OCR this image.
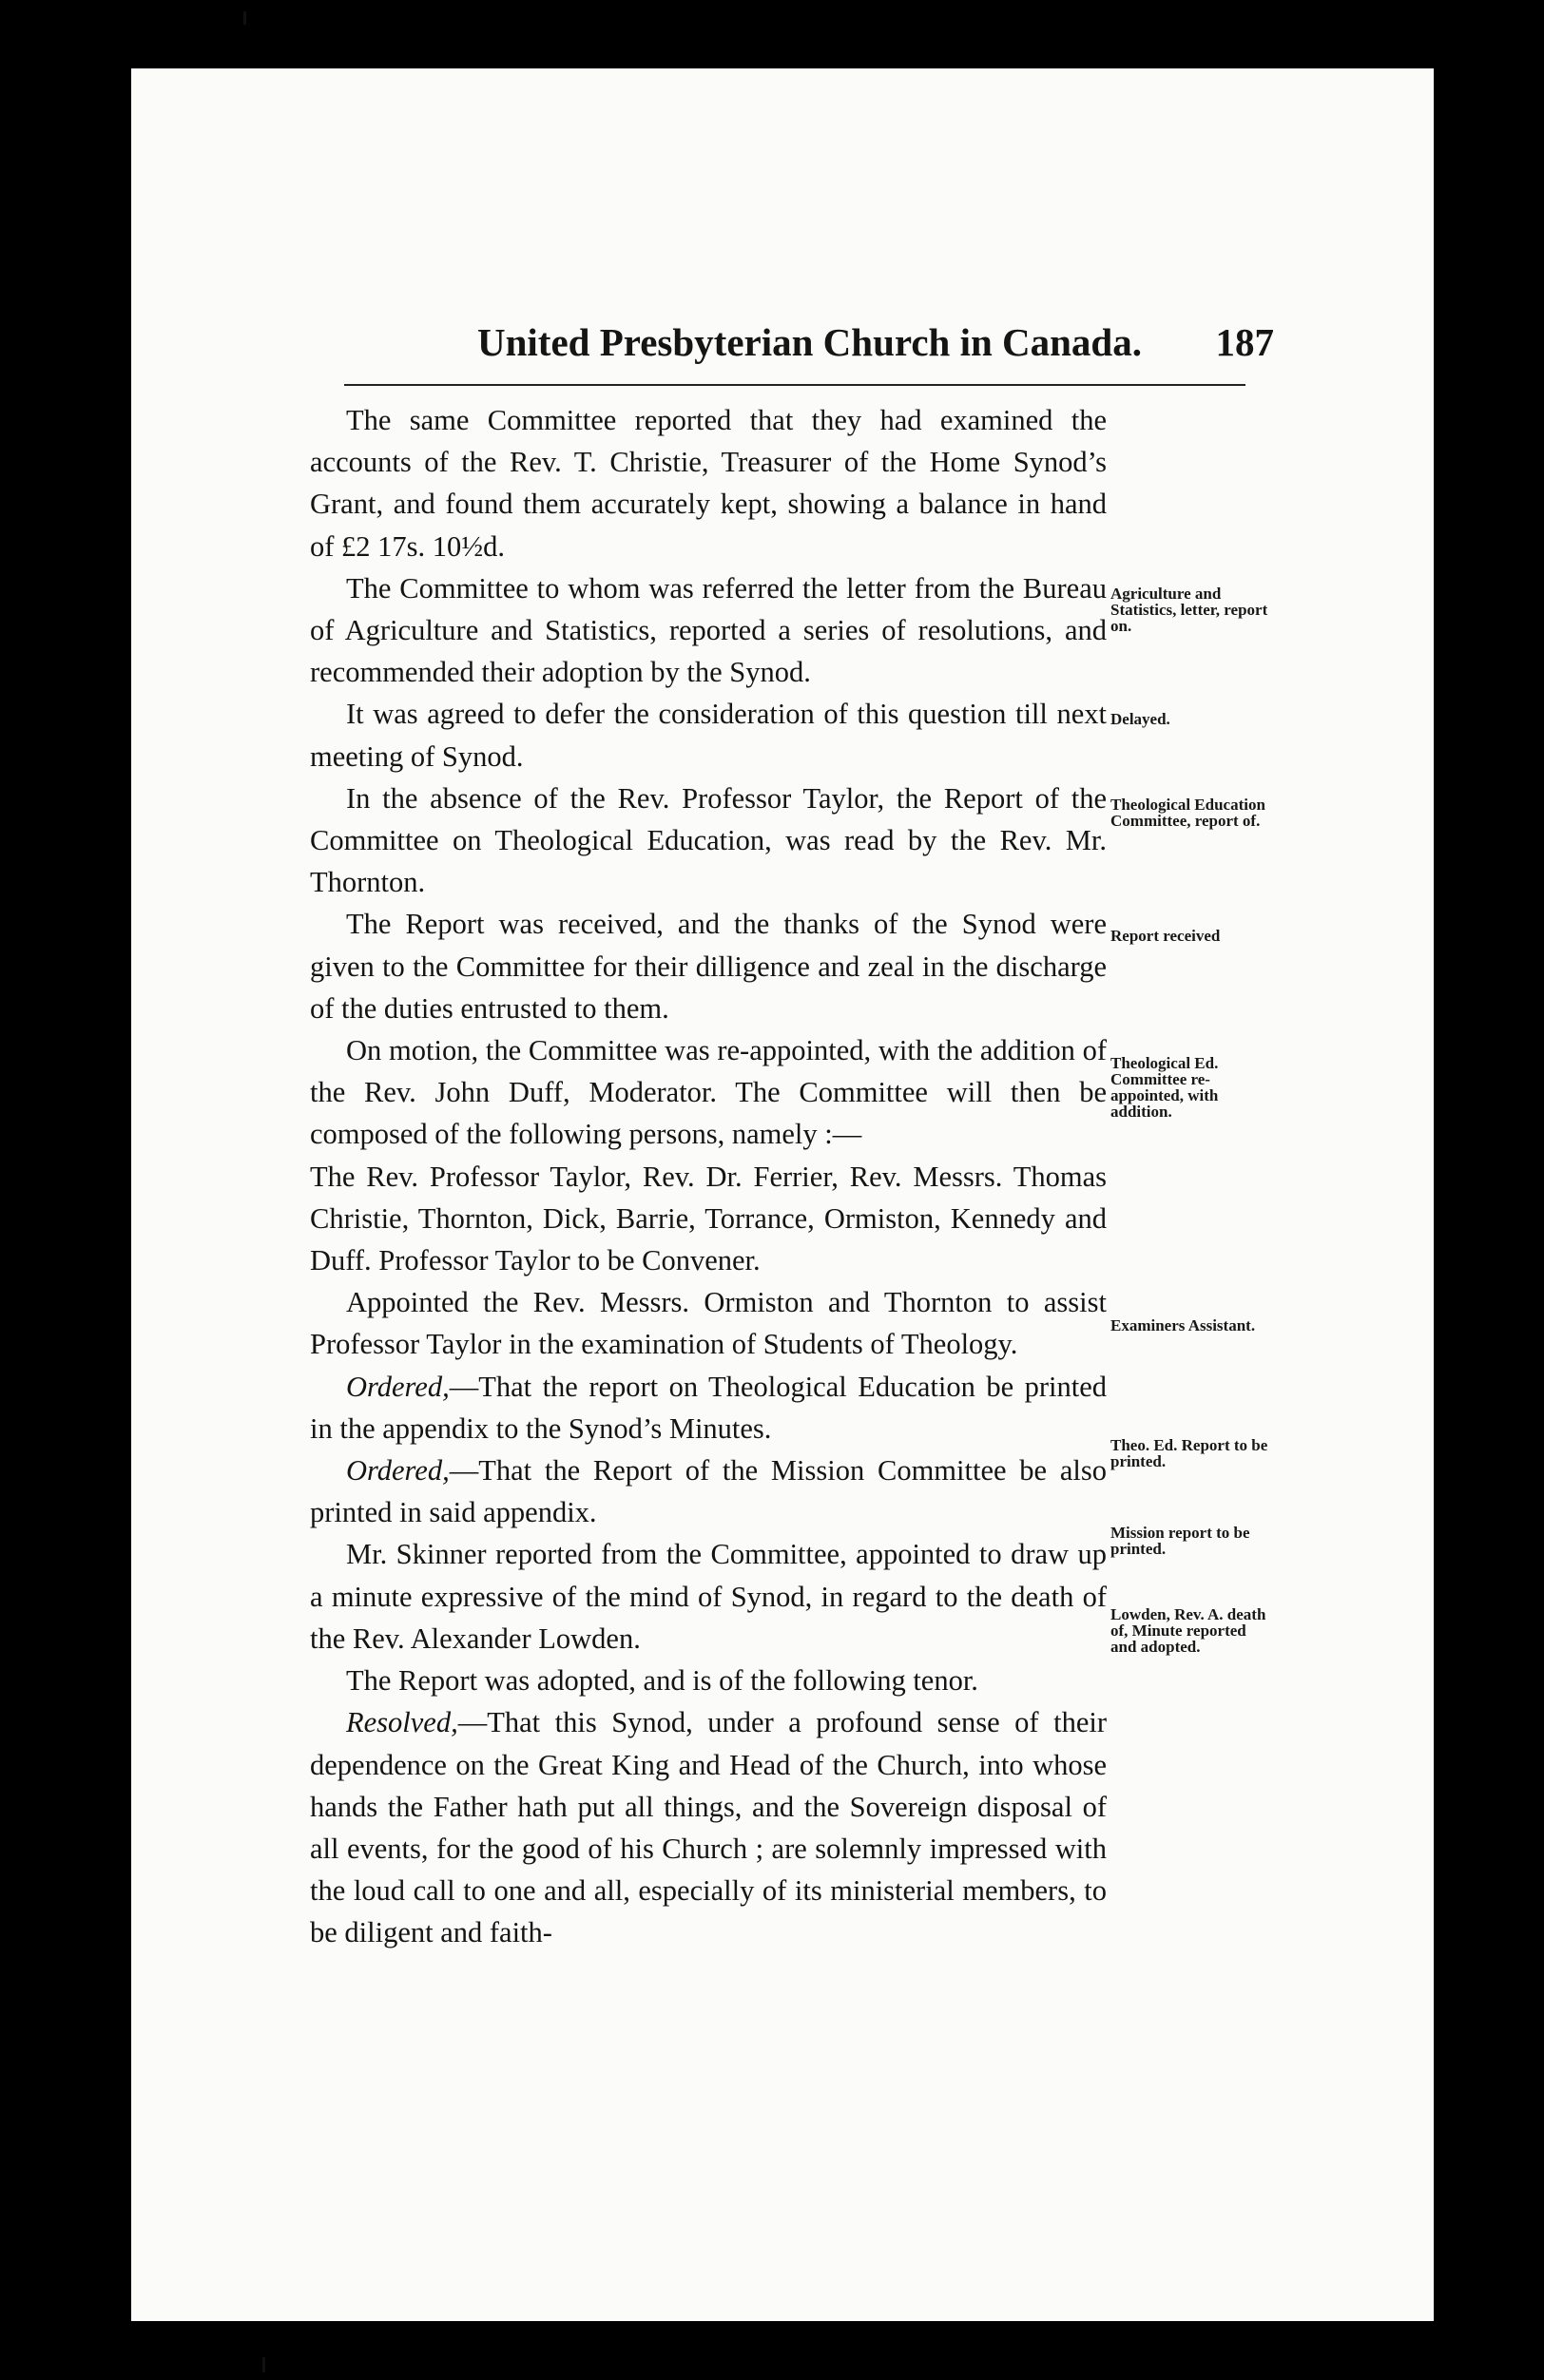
United Presbyterian Church in Canada. 187

The same Committee reported that they had examined the accounts of the Rev. T. Christie, Treasurer of the Home Synod’s Grant, and found them accurately kept, showing a balance in hand of £2 17s. 10½d.

The Committee to whom was referred the letter from the Bureau of Agriculture and Statistics, reported a series of resolutions, and recommended their adoption by the Synod.

It was agreed to defer the consideration of this question till next meeting of Synod.

In the absence of the Rev. Professor Taylor, the Report of the Committee on Theological Education, was read by the Rev. Mr. Thornton.

The Report was received, and the thanks of the Synod were given to the Committee for their dilligence and zeal in the discharge of the duties entrusted to them.

On motion, the Committee was re-appointed, with the addition of the Rev. John Duff, Moderator. The Committee will then be composed of the following persons, namely :—

The Rev. Professor Taylor, Rev. Dr. Ferrier, Rev. Messrs. Thomas Christie, Thornton, Dick, Barrie, Torrance, Ormiston, Kennedy and Duff. Professor Taylor to be Convener.

Appointed the Rev. Messrs. Ormiston and Thornton to assist Professor Taylor in the examination of Students of Theology.

Ordered,—That the report on Theological Education be printed in the appendix to the Synod’s Minutes.

Ordered,—That the Report of the Mission Committee be also printed in said appendix.

Mr. Skinner reported from the Committee, appointed to draw up a minute expressive of the mind of Synod, in regard to the death of the Rev. Alexander Lowden.

The Report was adopted, and is of the following tenor.

Resolved,—That this Synod, under a profound sense of their dependence on the Great King and Head of the Church, into whose hands the Father hath put all things, and the Sovereign disposal of all events, for the good of his Church ; are solemnly impressed with the loud call to one and all, especially of its ministerial members, to be diligent and faith-

Agriculture and Statistics, letter, report on.
Delayed.
Theological Education Committee, report of.
Report received
Theological Ed. Committee re-appointed, with addition.
Examiners Assistant.
Theo. Ed. Report to be printed.
Mission report to be printed.
Lowden, Rev. A. death of, Minute reported and adopted.
